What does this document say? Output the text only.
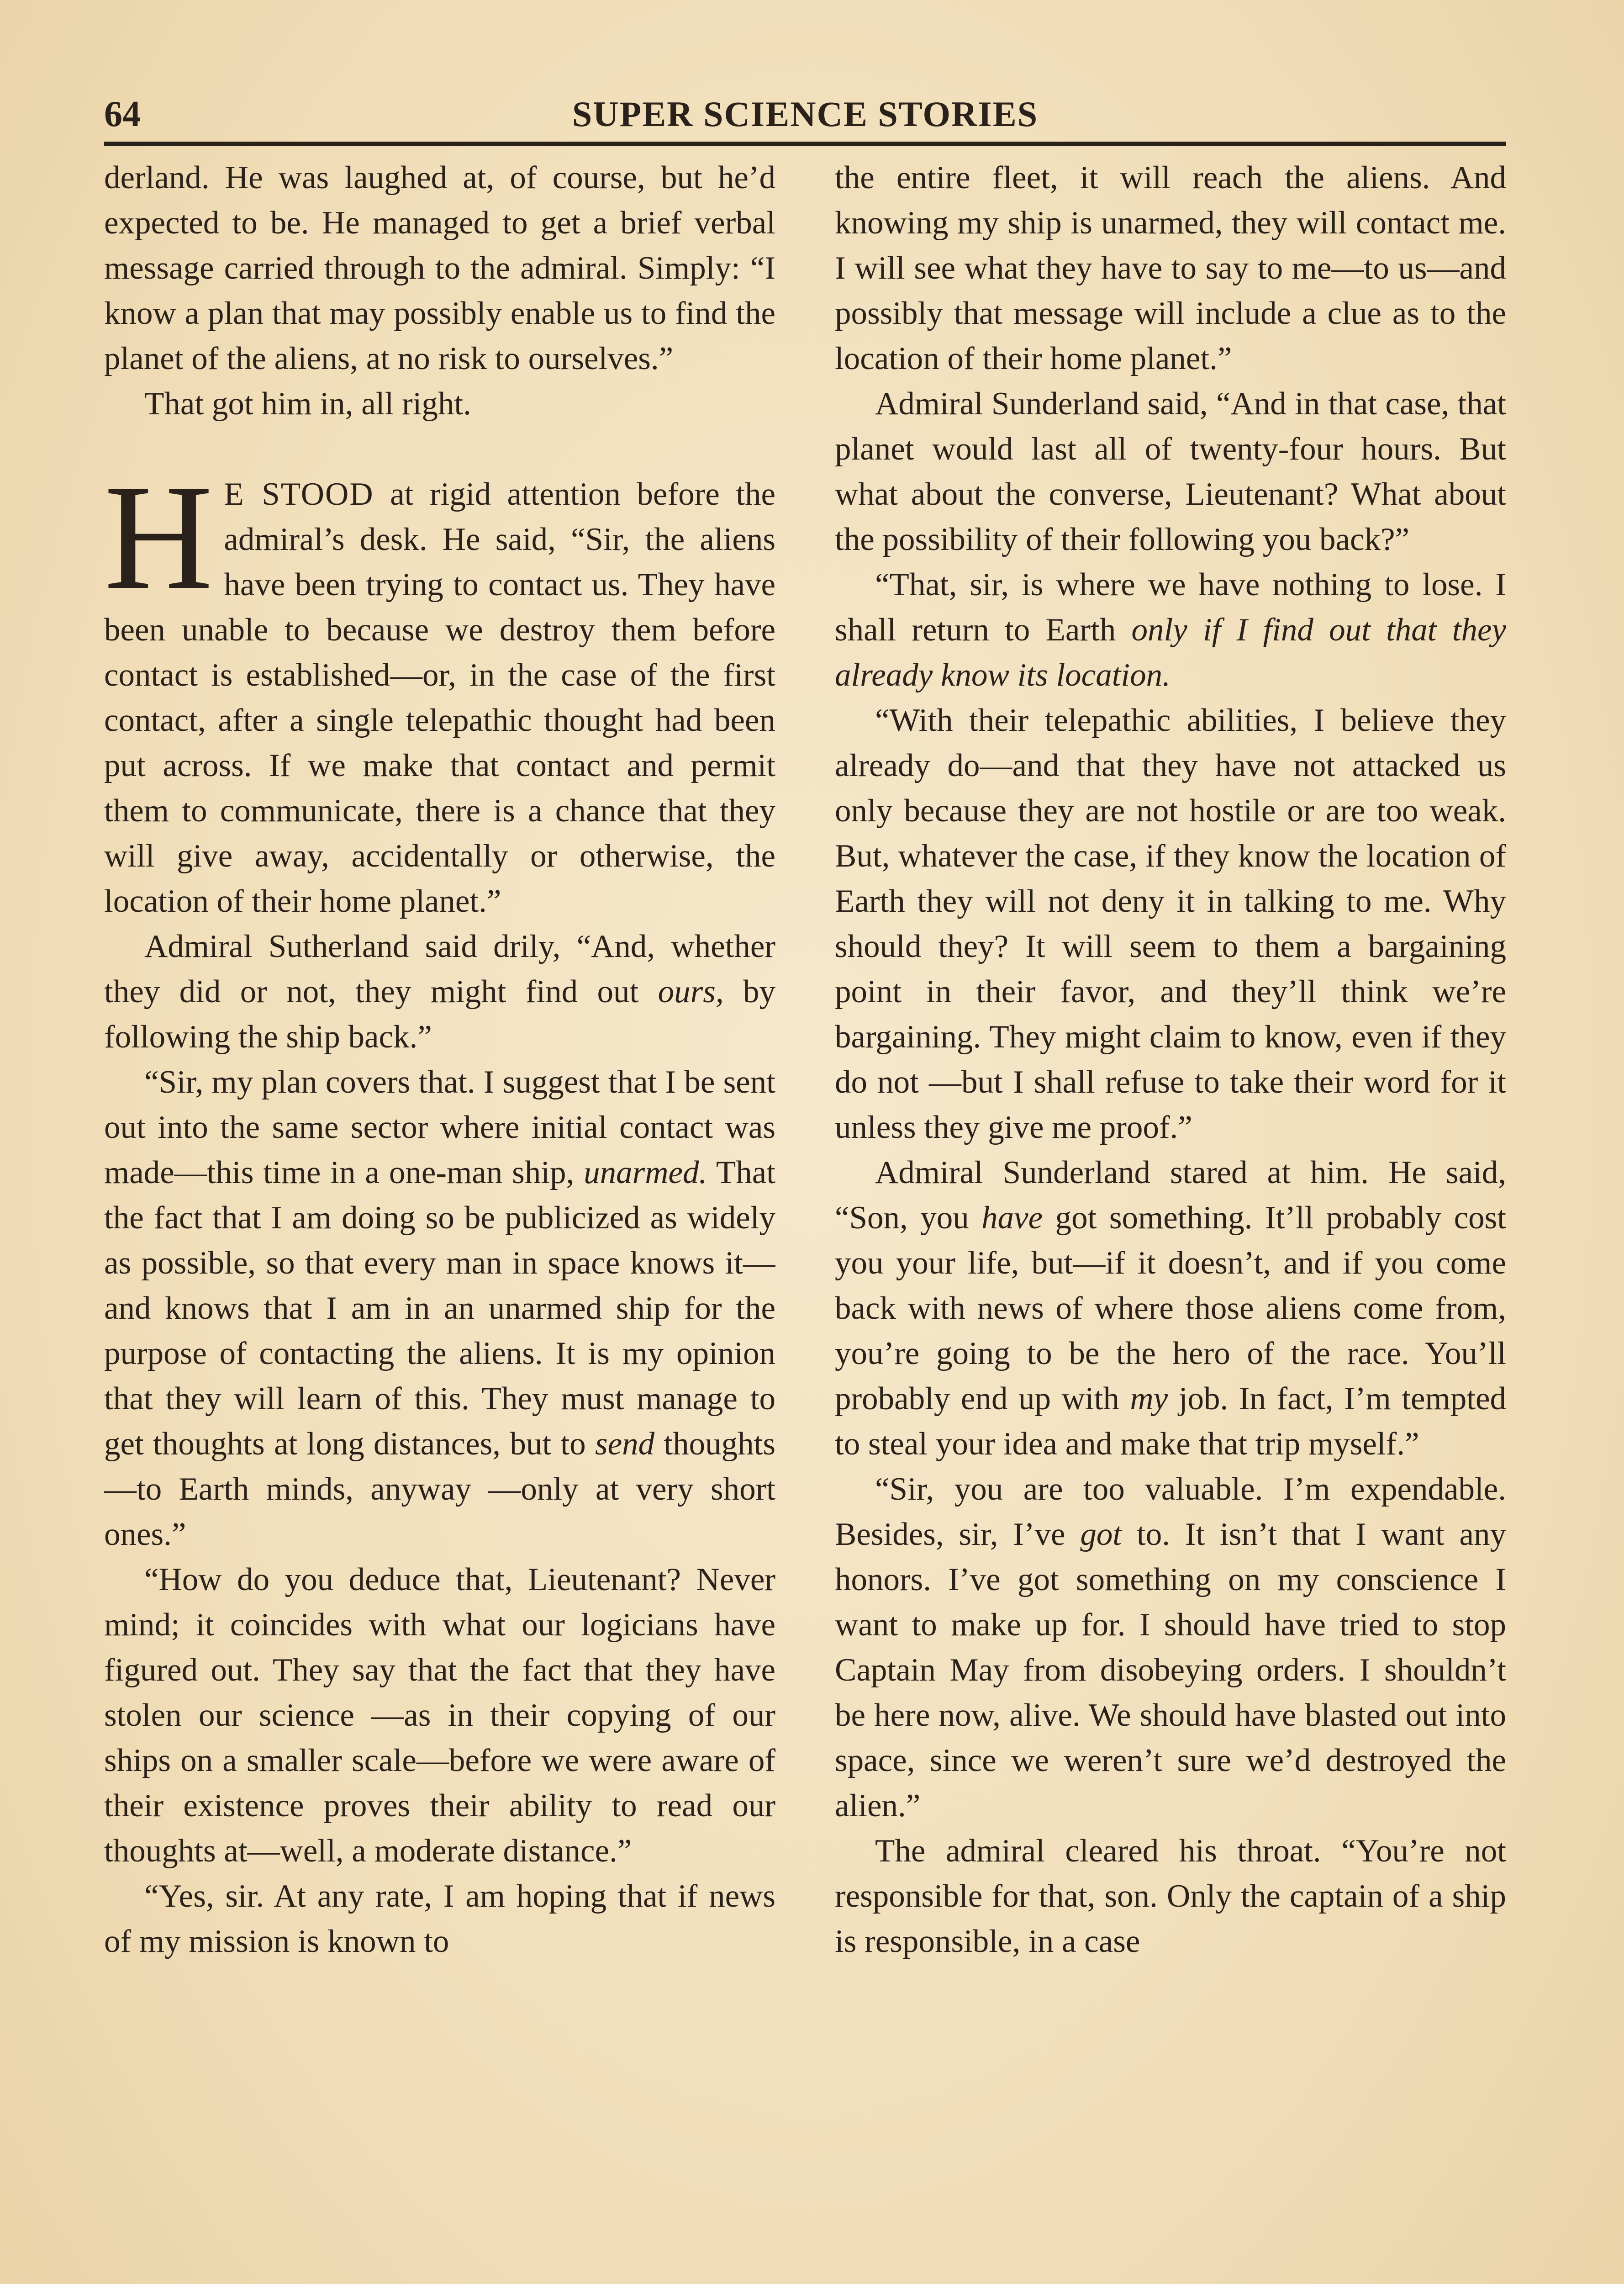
64	SUPER SCIENCE STORIES

derland. He was laughed at, of course, but he’d expected to be. He managed to get a brief verbal message carried through to the admiral. Simply: “I know a plan that may possibly enable us to find the planet of the aliens, at no risk to ourselves.”

That got him in, all right.

H E STOOD at rigid attention before the admiral’s desk. He said, “Sir, the aliens have been trying to contact us. They have been unable to because we destroy them before contact is established—or, in the case of the first contact, after a single telepathic thought had been put across. If we make that contact and permit them to communicate, there is a chance that they will give away, accidentally or otherwise, the location of their home planet.”

Admiral Sutherland said drily, “And, whether they did or not, they might find out ours, by following the ship back.”

“Sir, my plan covers that. I suggest that I be sent out into the same sector where initial contact was made—this time in a one-man ship, unarmed. That the fact that I am doing so be publicized as widely as possible, so that every man in space knows it—and knows that I am in an unarmed ship for the purpose of contacting the aliens. It is my opinion that they will learn of this. They must manage to get thoughts at long distances, but to send thoughts—to Earth minds, anyway —only at very short ones.”

“How do you deduce that, Lieutenant? Never mind; it coincides with what our logicians have figured out. They say that the fact that they have stolen our science —as in their copying of our ships on a smaller scale—before we were aware of their existence proves their ability to read our thoughts at—well, a moderate distance.”

“Yes, sir. At any rate, I am hoping that if news of my mission is known to

the entire fleet, it will reach the aliens. And knowing my ship is unarmed, they will contact me. I will see what they have to say to me—to us—and possibly that message will include a clue as to the location of their home planet.”

Admiral Sunderland said, “And in that case, that planet would last all of twenty-four hours. But what about the converse, Lieutenant? What about the possibility of their following you back?”

“That, sir, is where we have nothing to lose. I shall return to Earth only if I find out that they already know its location.

“With their telepathic abilities, I believe they already do—and that they have not attacked us only because they are not hostile or are too weak. But, whatever the case, if they know the location of Earth they will not deny it in talking to me. Why should they? It will seem to them a bargaining point in their favor, and they’ll think we’re bargaining. They might claim to know, even if they do not —but I shall refuse to take their word for it unless they give me proof.”

Admiral Sunderland stared at him. He said, “Son, you have got something. It’ll probably cost you your life, but—if it doesn’t, and if you come back with news of where those aliens come from, you’re going to be the hero of the race. You’ll probably end up with my job. In fact, I’m tempted to steal your idea and make that trip myself.”

“Sir, you are too valuable. I’m expendable. Besides, sir, I’ve got to. It isn’t that I want any honors. I’ve got something on my conscience I want to make up for. I should have tried to stop Captain May from disobeying orders. I shouldn’t be here now, alive. We should have blasted out into space, since we weren’t sure we’d destroyed the alien.”

The admiral cleared his throat. “You’re not responsible for that, son. Only the captain of a ship is responsible, in a case
